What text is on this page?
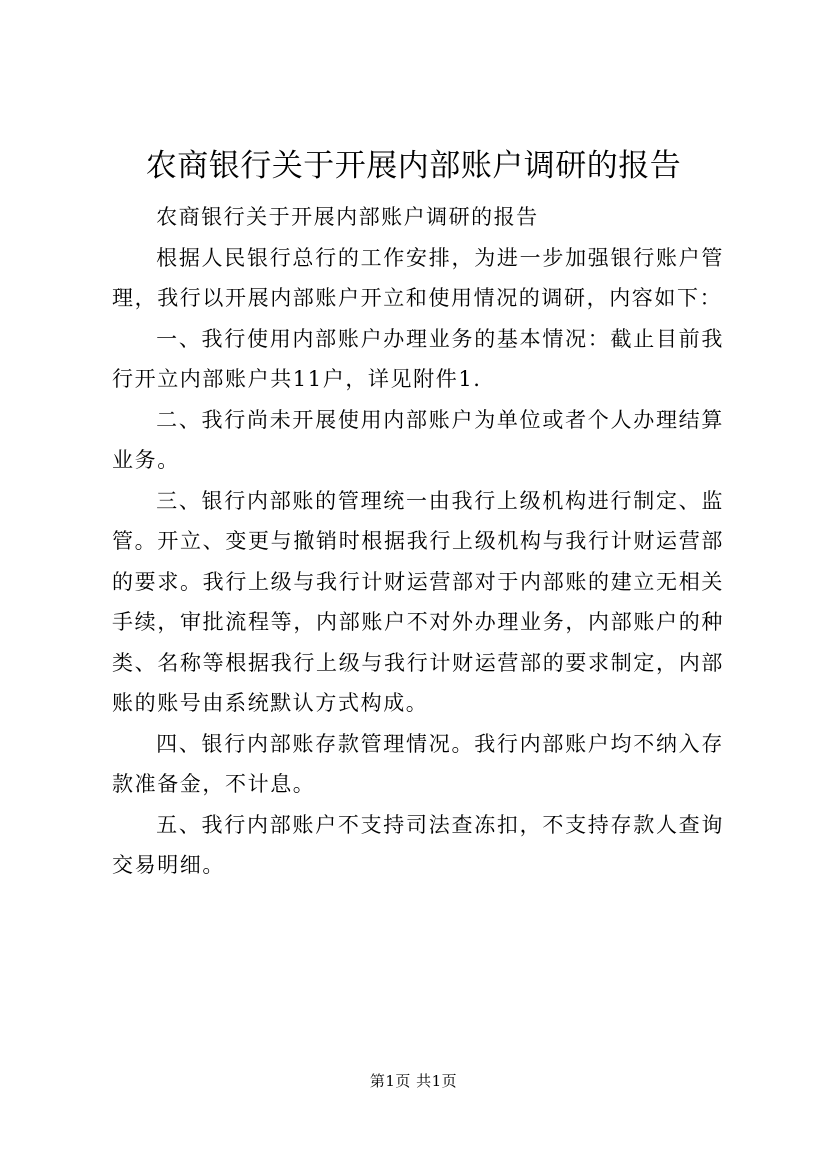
农商银行关于开展内部账户调研的报告

农商银行关于开展内部账户调研的报告

根据人民银行总行的工作安排，为进一步加强银行账户管理，我行以开展内部账户开立和使用情况的调研，内容如下：

一、我行使用内部账户办理业务的基本情况：截止目前我行开立内部账户共11户，详见附件1.

二、我行尚未开展使用内部账户为单位或者个人办理结算业务。

三、银行内部账的管理统一由我行上级机构进行制定、监管。开立、变更与撤销时根据我行上级机构与我行计财运营部的要求。我行上级与我行计财运营部对于内部账的建立无相关手续，审批流程等，内部账户不对外办理业务，内部账户的种类、名称等根据我行上级与我行计财运营部的要求制定，内部账的账号由系统默认方式构成。

四、银行内部账存款管理情况。我行内部账户均不纳入存款准备金，不计息。

五、我行内部账户不支持司法查冻扣，不支持存款人查询交易明细。

第1页 共1页
